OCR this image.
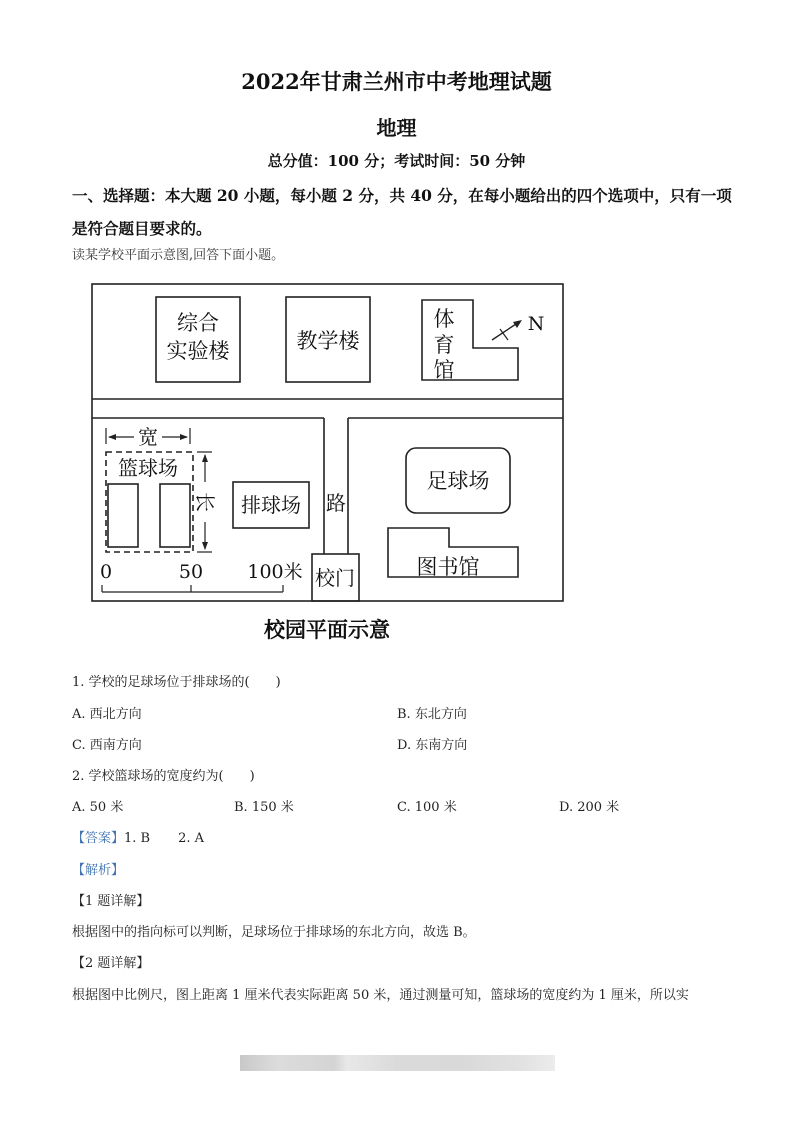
2022年甘肃兰州市中考地理试题
地理
总分值：100 分；考试时间：50 分钟
一、选择题：本大题 20 小题，每小题 2 分，共 40 分，在每小题给出的四个选项中，只有一项是符合题目要求的。
读某学校平面示意图,回答下面小题。
综合
实验楼	教学楼
体
育
馆
N
宽
篮球场
长 排球场 路
校门
0	50 100米
足球场
图书馆
校园平面示意
1. 学校的足球场位于排球场的(　　)
A. 西北方向	B. 东北方向
C. 西南方向	D. 东南方向
2. 学校篮球场的宽度约为(　　)
A. 50 米	B. 150 米	C. 100 米	D. 200 米
【答案】1. B 2. A
【解析】
【1 题详解】
根据图中的指向标可以判断，足球场位于排球场的东北方向，故选 B。
【2 题详解】
根据图中比例尺，图上距离 1 厘米代表实际距离 50 米，通过测量可知，篮球场的宽度约为 1 厘米，所以实
